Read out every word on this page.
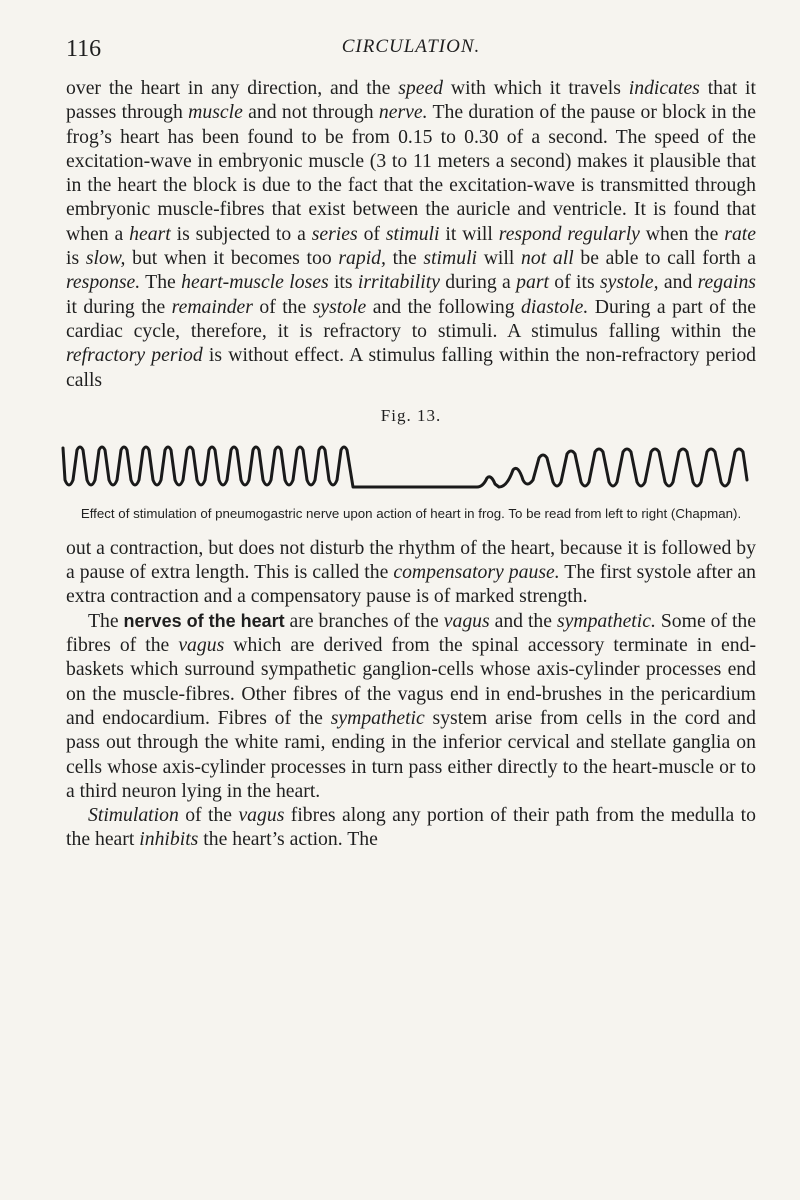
116	CIRCULATION.

over the heart in any direction, and the speed with which it travels indicates that it passes through muscle and not through nerve. The duration of the pause or block in the frog’s heart has been found to be from 0.15 to 0.30 of a second. The speed of the excitation-wave in embryonic muscle (3 to 11 meters a second) makes it plausible that in the heart the block is due to the fact that the excitation-wave is transmitted through embryonic muscle-fibres that exist between the auricle and ventricle. It is found that when a heart is subjected to a series of stimuli it will respond regularly when the rate is slow, but when it becomes too rapid, the stimuli will not all be able to call forth a response. The heart-muscle loses its irritability during a part of its systole, and regains it during the remainder of the systole and the following diastole. During a part of the cardiac cycle, therefore, it is refractory to stimuli. A stimulus falling within the refractory period is without effect. A stimulus falling within the non-refractory period calls

Fig. 13.
Effect of stimulation of pneumogastric nerve upon action of heart in frog. To be read from left to right (Chapman).

out a contraction, but does not disturb the rhythm of the heart, because it is followed by a pause of extra length. This is called the compensatory pause. The first systole after an extra contraction and a compensatory pause is of marked strength.

The nerves of the heart are branches of the vagus and the sympathetic. Some of the fibres of the vagus which are derived from the spinal accessory terminate in end-baskets which surround sympathetic ganglion-cells whose axis-cylinder processes end on the muscle-fibres. Other fibres of the vagus end in end-brushes in the pericardium and endocardium. Fibres of the sympathetic system arise from cells in the cord and pass out through the white rami, ending in the inferior cervical and stellate ganglia on cells whose axis-cylinder processes in turn pass either directly to the heart-muscle or to a third neuron lying in the heart.

Stimulation of the vagus fibres along any portion of their path from the medulla to the heart inhibits the heart’s action. The
